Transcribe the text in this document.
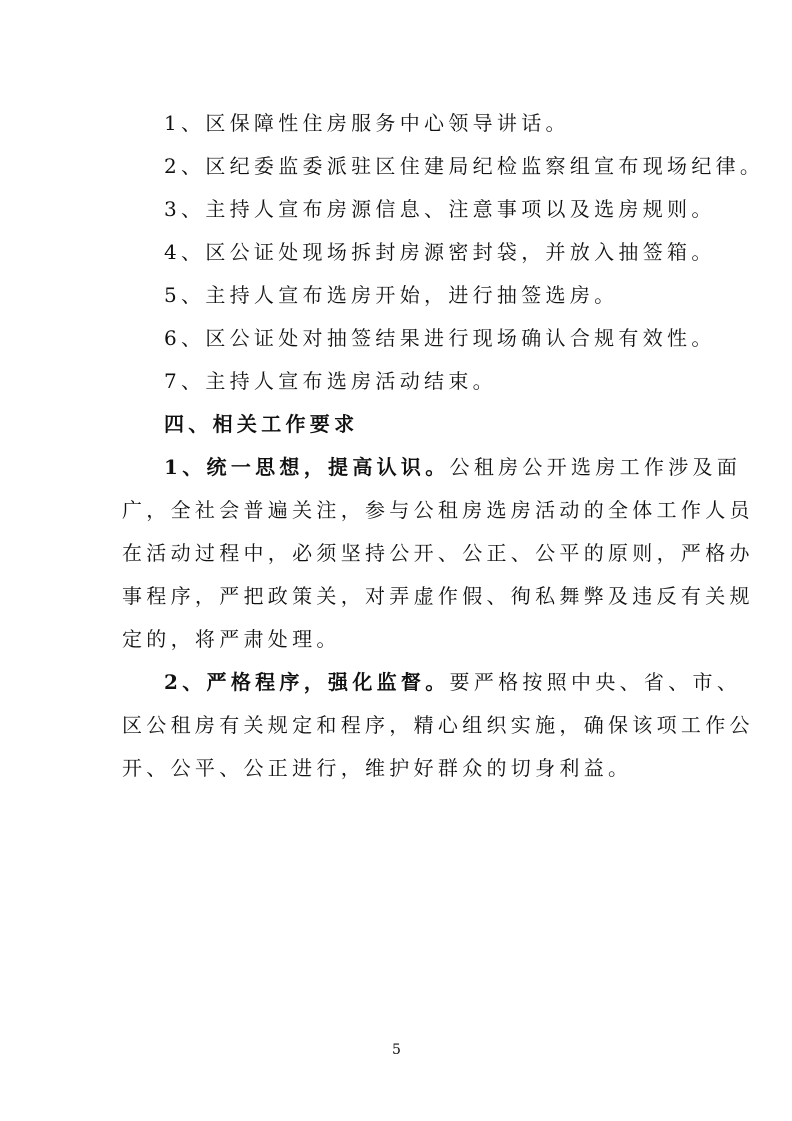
1、区保障性住房服务中心领导讲话。
2、区纪委监委派驻区住建局纪检监察组宣布现场纪律。
3、主持人宣布房源信息、注意事项以及选房规则。
4、区公证处现场拆封房源密封袋，并放入抽签箱。
5、主持人宣布选房开始，进行抽签选房。
6、区公证处对抽签结果进行现场确认合规有效性。
7、主持人宣布选房活动结束。
四、相关工作要求
1、统一思想，提高认识。公租房公开选房工作涉及面
广，全社会普遍关注，参与公租房选房活动的全体工作人员
在活动过程中，必须坚持公开、公正、公平的原则，严格办
事程序，严把政策关，对弄虚作假、徇私舞弊及违反有关规
定的，将严肃处理。
2、严格程序，强化监督。要严格按照中央、省、市、
区公租房有关规定和程序，精心组织实施，确保该项工作公
开、公平、公正进行，维护好群众的切身利益。
5
